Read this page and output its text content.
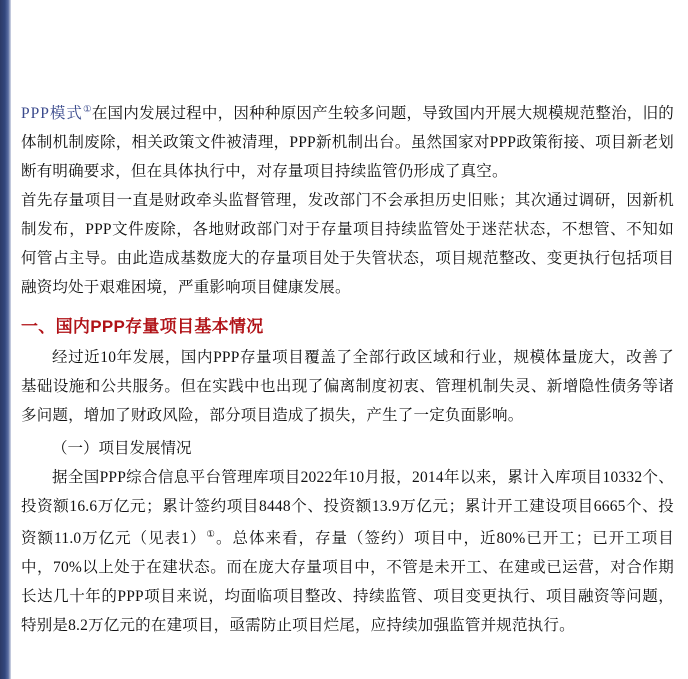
PPP模式①在国内发展过程中，因种种原因产生较多问题，导致国内开展大规模规范整治，旧的体制机制废除，相关政策文件被清理，PPP新机制出台。虽然国家对PPP政策衔接、项目新老划断有明确要求，但在具体执行中，对存量项目持续监管仍形成了真空。

首先存量项目一直是财政牵头监督管理，发改部门不会承担历史旧账；其次通过调研，因新机制发布，PPP文件废除，各地财政部门对于存量项目持续监管处于迷茫状态，不想管、不知如何管占主导。由此造成基数庞大的存量项目处于失管状态，项目规范整改、变更执行包括项目融资均处于艰难困境，严重影响项目健康发展。

一、国内PPP存量项目基本情况

经过近10年发展，国内PPP存量项目覆盖了全部行政区域和行业，规模体量庞大，改善了基础设施和公共服务。但在实践中也出现了偏离制度初衷、管理机制失灵、新增隐性债务等诸多问题，增加了财政风险，部分项目造成了损失，产生了一定负面影响。

（一）项目发展情况

据全国PPP综合信息平台管理库项目2022年10月报，2014年以来，累计入库项目10332个、投资额16.6万亿元；累计签约项目8448个、投资额13.9万亿元；累计开工建设项目6665个、投资额11.0万亿元（见表1）①。总体来看，存量（签约）项目中，近80%已开工；已开工项目中，70%以上处于在建状态。而在庞大存量项目中，不管是未开工、在建或已运营，对合作期长达几十年的PPP项目来说，均面临项目整改、持续监管、项目变更执行、项目融资等问题，特别是8.2万亿元的在建项目，亟需防止项目烂尾，应持续加强监管并规范执行。
